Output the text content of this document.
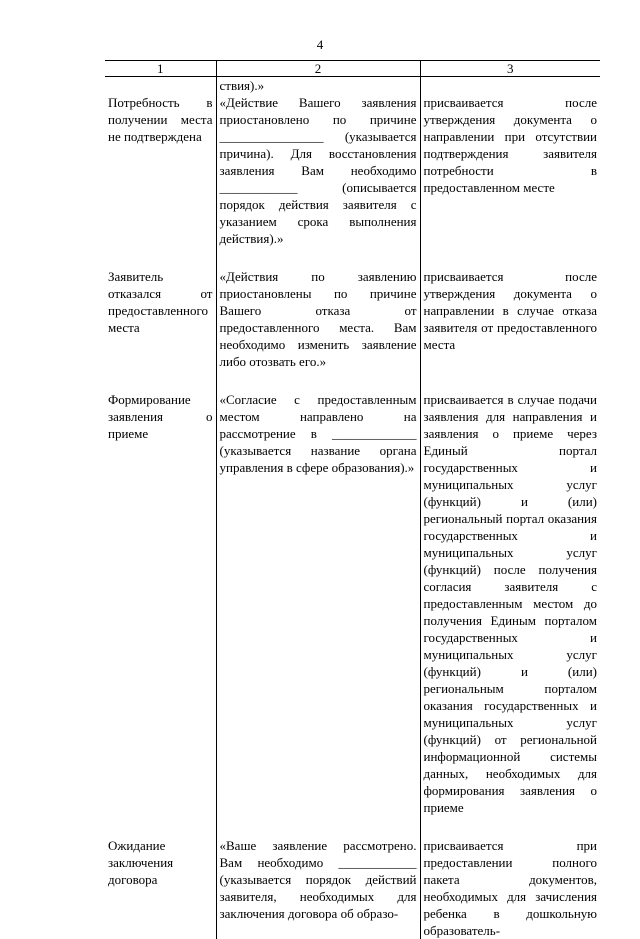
4
1	2	3
	ствия).»	
Потребность в получении места не подтверждена	«Действие Вашего заявления приостановлено по причине ________________ (указывается причина). Для восстановления заявления Вам необходимо ____________ (описывается порядок действия заявителя с указанием срока выполнения действия).»	присваивается после утверждения документа о направлении при отсутствии подтверждения заявителя потребности в предоставленном месте

Заявитель отказался от предоставленного места	«Действия по заявлению приостановлены по причине Вашего отказа от предоставленного места. Вам необходимо изменить заявление либо отозвать его.»	присваивается после утверждения документа о направлении в случае отказа заявителя от предоставленного места

Формирование заявления о приеме	«Согласие с предоставленным местом направлено на рассмотрение в _____________ (указывается название органа управления в сфере образования).»	присваивается в случае подачи заявления для направления и заявления о приеме через Единый портал государственных и муниципальных услуг (функций) и (или) региональный портал оказания государственных и муниципальных услуг (функций) после получения согласия заявителя с предоставленным местом до получения Единым порталом государственных и муниципальных услуг (функций) и (или) региональным порталом оказания государственных и муниципальных услуг (функций) от региональной информационной системы данных, необходимых для формирования заявления о приеме

Ожидание заключения договора	«Ваше заявление рассмотрено. Вам необходимо ____________ (указывается порядок действий заявителя, необходимых для заключения договора об образо-	присваивается при предоставлении полного пакета документов, необходимых для зачисления ребенка в дошкольную образователь-
